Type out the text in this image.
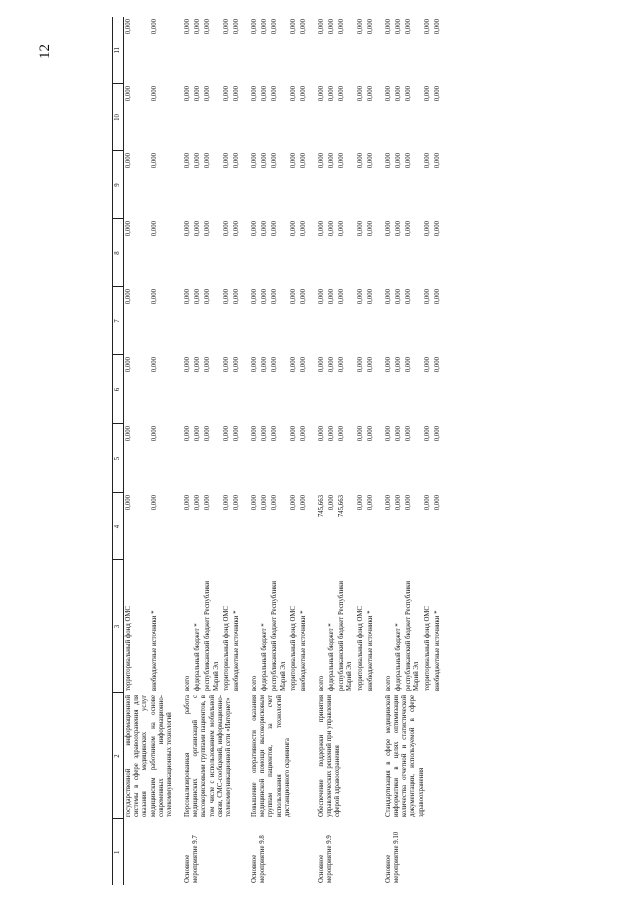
12
1	2	3	4	5	6	7	8	9	10	11
	государственной информационной системы в сфере здравоохранения для оказания медицинских услуг медицинским работником на основе современных информационно-телекоммуникационных технологий	территориальный фонд ОМС	0,000	0,000	0,000	0,000	0,000	0,000	0,000	0,000
		внебюджетные источники *	0,000	0,000	0,000	0,000	0,000	0,000	0,000	0,000

Основное мероприятие 9.7	Персонализированная работа медицинских организаций с высокорисковыми группами пациентов, в том числе с использованием мобильной связи, СМС-сообщений, информационно-телекоммуникационной сети «Интернет»	всего	0,000	0,000	0,000	0,000	0,000	0,000	0,000	0,000
		федеральный бюджет *	0,000	0,000	0,000	0,000	0,000	0,000	0,000	0,000
		республиканский бюджет Республики Марий Эл	0,000	0,000	0,000	0,000	0,000	0,000	0,000	0,000
		территориальный фонд ОМС	0,000	0,000	0,000	0,000	0,000	0,000	0,000	0,000
		внебюджетные источники *	0,000	0,000	0,000	0,000	0,000	0,000	0,000	0,000

Основное мероприятие 9.8	Повышение оперативности оказания медицинской помощи высокорисковым группам пациентов, за счет использования технологий дистанционного скрининга	всего	0,000	0,000	0,000	0,000	0,000	0,000	0,000	0,000
		федеральный бюджет *	0,000	0,000	0,000	0,000	0,000	0,000	0,000	0,000
		республиканский бюджет Республики Марий Эл	0,000	0,000	0,000	0,000	0,000	0,000	0,000	0,000
		территориальный фонд ОМС	0,000	0,000	0,000	0,000	0,000	0,000	0,000	0,000
		внебюджетные источники *	0,000	0,000	0,000	0,000	0,000	0,000	0,000	0,000

Основное мероприятие 9.9	Обеспечение поддержки принятия управленческих решений при управлении сферой здравоохранения	всего	745,663	0,000	0,000	0,000	0,000	0,000	0,000	0,000
		федеральный бюджет *	0,000	0,000	0,000	0,000	0,000	0,000	0,000	0,000
		республиканский бюджет Республики Марий Эл	745,663	0,000	0,000	0,000	0,000	0,000	0,000	0,000
		территориальный фонд ОМС	0,000	0,000	0,000	0,000	0,000	0,000	0,000	0,000
		внебюджетные источники *	0,000	0,000	0,000	0,000	0,000	0,000	0,000	0,000

Основное мероприятие 9.10	Стандартизация в сфере медицинской информатики в целях оптимизации количества отчетной и статистической документации, используемой в сфере здравоохранения	всего	0,000	0,000	0,000	0,000	0,000	0,000	0,000	0,000
		федеральный бюджет *	0,000	0,000	0,000	0,000	0,000	0,000	0,000	0,000
		республиканский бюджет Республики Марий Эл	0,000	0,000	0,000	0,000	0,000	0,000	0,000	0,000
		территориальный фонд ОМС	0,000	0,000	0,000	0,000	0,000	0,000	0,000	0,000
		внебюджетные источники *	0,000	0,000	0,000	0,000	0,000	0,000	0,000	0,000
